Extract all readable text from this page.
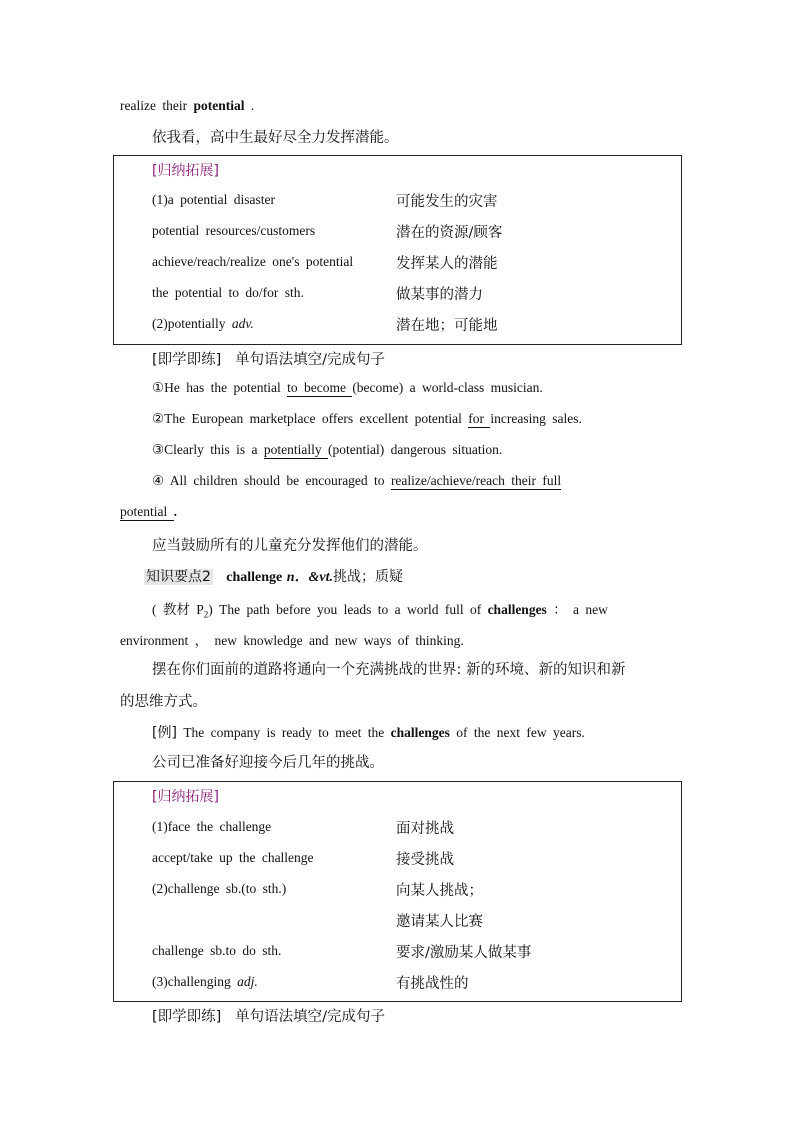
realize their potential .
依我看，高中生最好尽全力发挥潜能。
[归纳拓展]
(1)a potential disaster	可能发生的灾害
potential resources/customers	潜在的资源/顾客
achieve/reach/realize one's potential	发挥某人的潜能
the potential to do/for sth.	做某事的潜力
(2)potentially adv.	潜在地；可能地
[即学即练] 单句语法填空/完成句子
①He has the potential to become (become) a world-class musician.
②The European marketplace offers excellent potential for increasing sales.
③Clearly this is a potentially (potential) dangerous situation.
④ All children should be encouraged to realize/achieve/reach their full
potential .
应当鼓励所有的儿童充分发挥他们的潜能。
知识要点2 challenge n．&vt.挑战；质疑
( 教材 $P_2$) The path before you leads to a world full of challenges ： a new
environment ， new knowledge and new ways of thinking.
摆在你们面前的道路将通向一个充满挑战的世界: 新的环境、新的知识和新
的思维方式。
[例] The company is ready to meet the challenges of the next few years.
公司已准备好迎接今后几年的挑战。
[归纳拓展]
(1)face the challenge	面对挑战
accept/take up the challenge	接受挑战
(2)challenge sb.(to sth.)	向某人挑战；
邀请某人比赛
challenge sb.to do sth.	要求/激励某人做某事
(3)challenging adj.	有挑战性的
[即学即练] 单句语法填空/完成句子
